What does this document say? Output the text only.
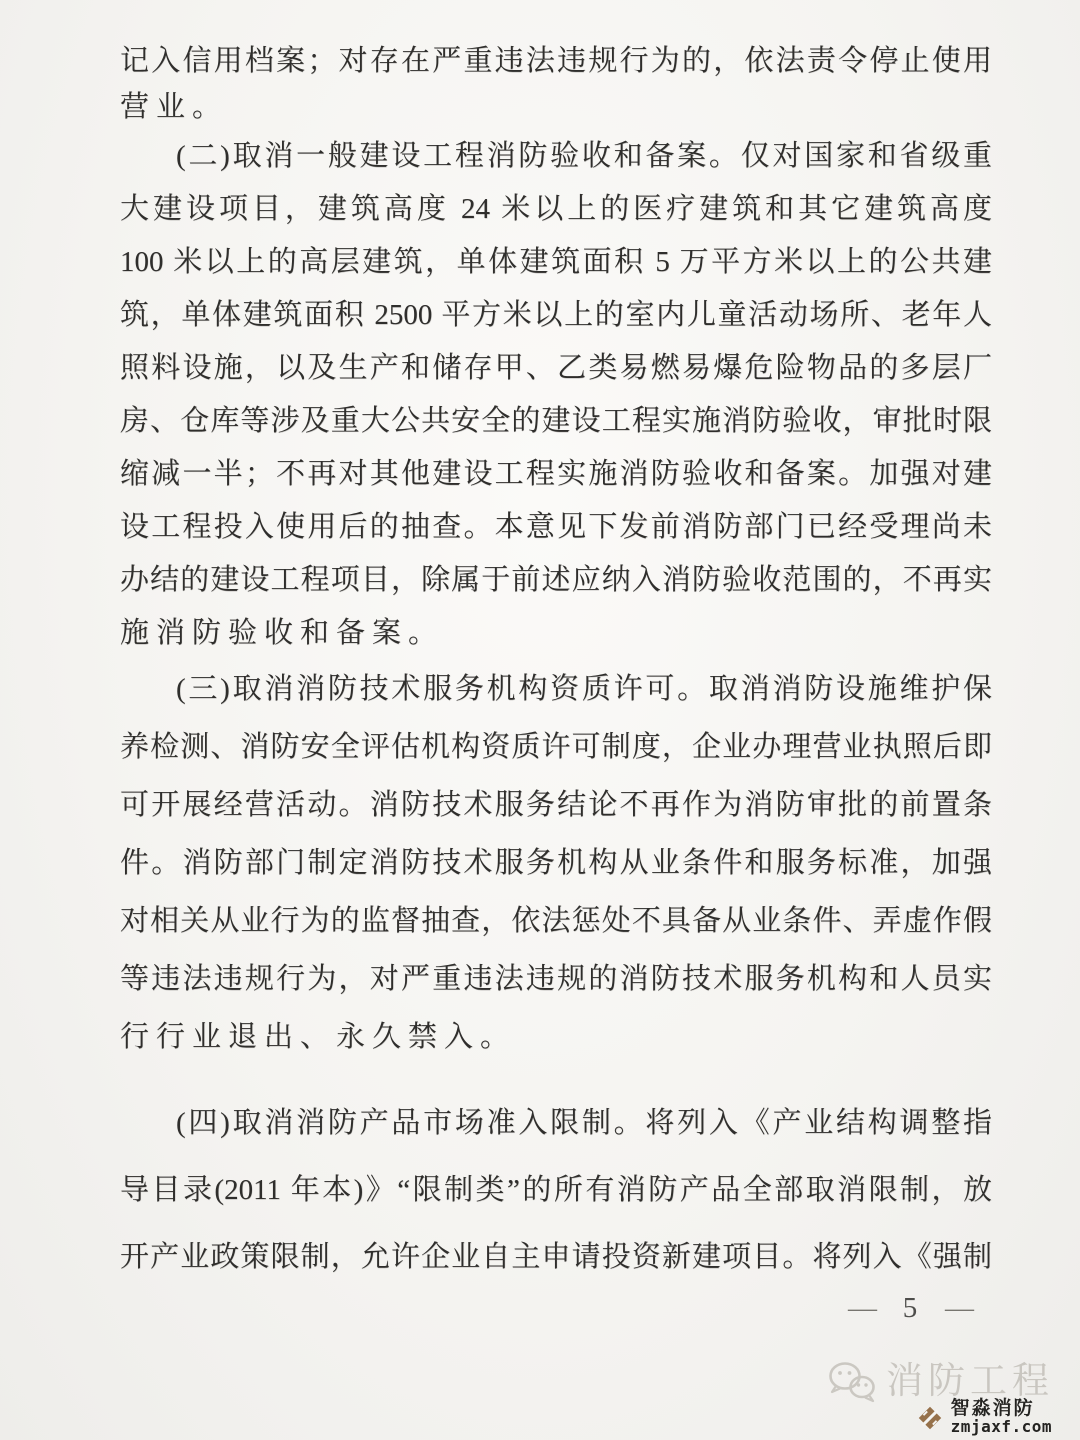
记入信用档案；对存在严重违法违规行为的，依法责令停止使用
营业。
(二)取消一般建设工程消防验收和备案。仅对国家和省级重
大建设项目，建筑高度 24 米以上的医疗建筑和其它建筑高度
100 米以上的高层建筑，单体建筑面积 5 万平方米以上的公共建
筑，单体建筑面积 2500 平方米以上的室内儿童活动场所、老年人
照料设施，以及生产和储存甲、乙类易燃易爆危险物品的多层厂
房、仓库等涉及重大公共安全的建设工程实施消防验收，审批时限
缩减一半；不再对其他建设工程实施消防验收和备案。加强对建
设工程投入使用后的抽查。本意见下发前消防部门已经受理尚未
办结的建设工程项目，除属于前述应纳入消防验收范围的，不再实
施消防验收和备案。
(三)取消消防技术服务机构资质许可。取消消防设施维护保
养检测、消防安全评估机构资质许可制度，企业办理营业执照后即
可开展经营活动。消防技术服务结论不再作为消防审批的前置条
件。消防部门制定消防技术服务机构从业条件和服务标准，加强
对相关从业行为的监督抽查，依法惩处不具备从业条件、弄虚作假
等违法违规行为，对严重违法违规的消防技术服务机构和人员实
行行业退出、永久禁入。
(四)取消消防产品市场准入限制。将列入《产业结构调整指
导目录(2011 年本)》“限制类”的所有消防产品全部取消限制，放
开产业政策限制，允许企业自主申请投资新建项目。将列入《强制
— 5 —
消防工程
智淼消防
zmjaxf.com
